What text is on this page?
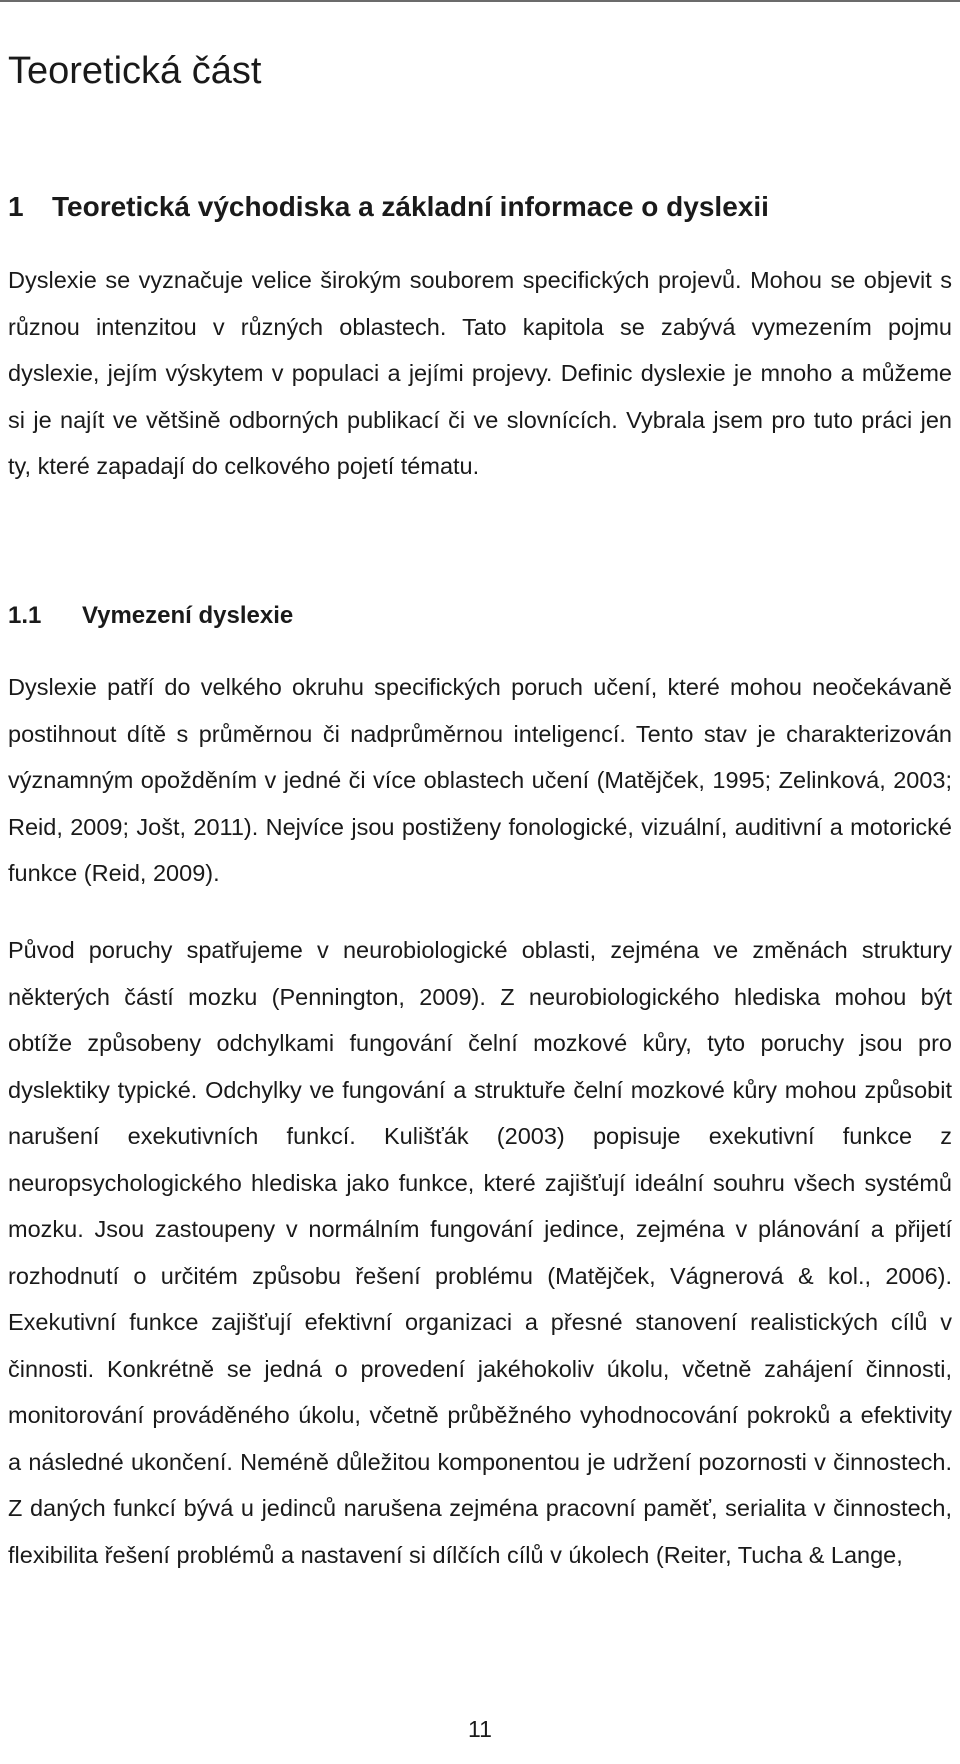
Teoretická část
1 Teoretická východiska a základní informace o dyslexii

Dyslexie se vyznačuje velice širokým souborem specifických projevů. Mohou se objevit s různou intenzitou v různých oblastech. Tato kapitola se zabývá vymezením pojmu dyslexie, jejím výskytem v populaci a jejími projevy. Definic dyslexie je mnoho a můžeme si je najít ve většině odborných publikací či ve slovnících. Vybrala jsem pro tuto práci jen ty, které zapadají do celkového pojetí tématu.

1.1 Vymezení dyslexie

Dyslexie patří do velkého okruhu specifických poruch učení, které mohou neočekávaně postihnout dítě s průměrnou či nadprůměrnou inteligencí. Tento stav je charakterizován významným opožděním v jedné či více oblastech učení (Matějček, 1995; Zelinková, 2003; Reid, 2009; Jošt, 2011). Nejvíce jsou postiženy fonologické, vizuální, auditivní a motorické funkce (Reid, 2009).

Původ poruchy spatřujeme v neurobiologické oblasti, zejména ve změnách struktury některých částí mozku (Pennington, 2009). Z neurobiologického hlediska mohou být obtíže způsobeny odchylkami fungování čelní mozkové kůry, tyto poruchy jsou pro dyslektiky typické. Odchylky ve fungování a struktuře čelní mozkové kůry mohou způsobit narušení exekutivních funkcí. Kulišťák (2003) popisuje exekutivní funkce z neuropsychologického hlediska jako funkce, které zajišťují ideální souhru všech systémů mozku. Jsou zastoupeny v normálním fungování jedince, zejména v plánování a přijetí rozhodnutí o určitém způsobu řešení problému (Matějček, Vágnerová & kol., 2006). Exekutivní funkce zajišťují efektivní organizaci a přesné stanovení realistických cílů v činnosti. Konkrétně se jedná o provedení jakéhokoliv úkolu, včetně zahájení činnosti, monitorování prováděného úkolu, včetně průběžného vyhodnocování pokroků a efektivity a následné ukončení. Neméně důležitou komponentou je udržení pozornosti v činnostech. Z daných funkcí bývá u jedinců narušena zejména pracovní paměť, serialita v činnostech, flexibilita řešení problémů a nastavení si dílčích cílů v úkolech (Reiter, Tucha & Lange,

11
